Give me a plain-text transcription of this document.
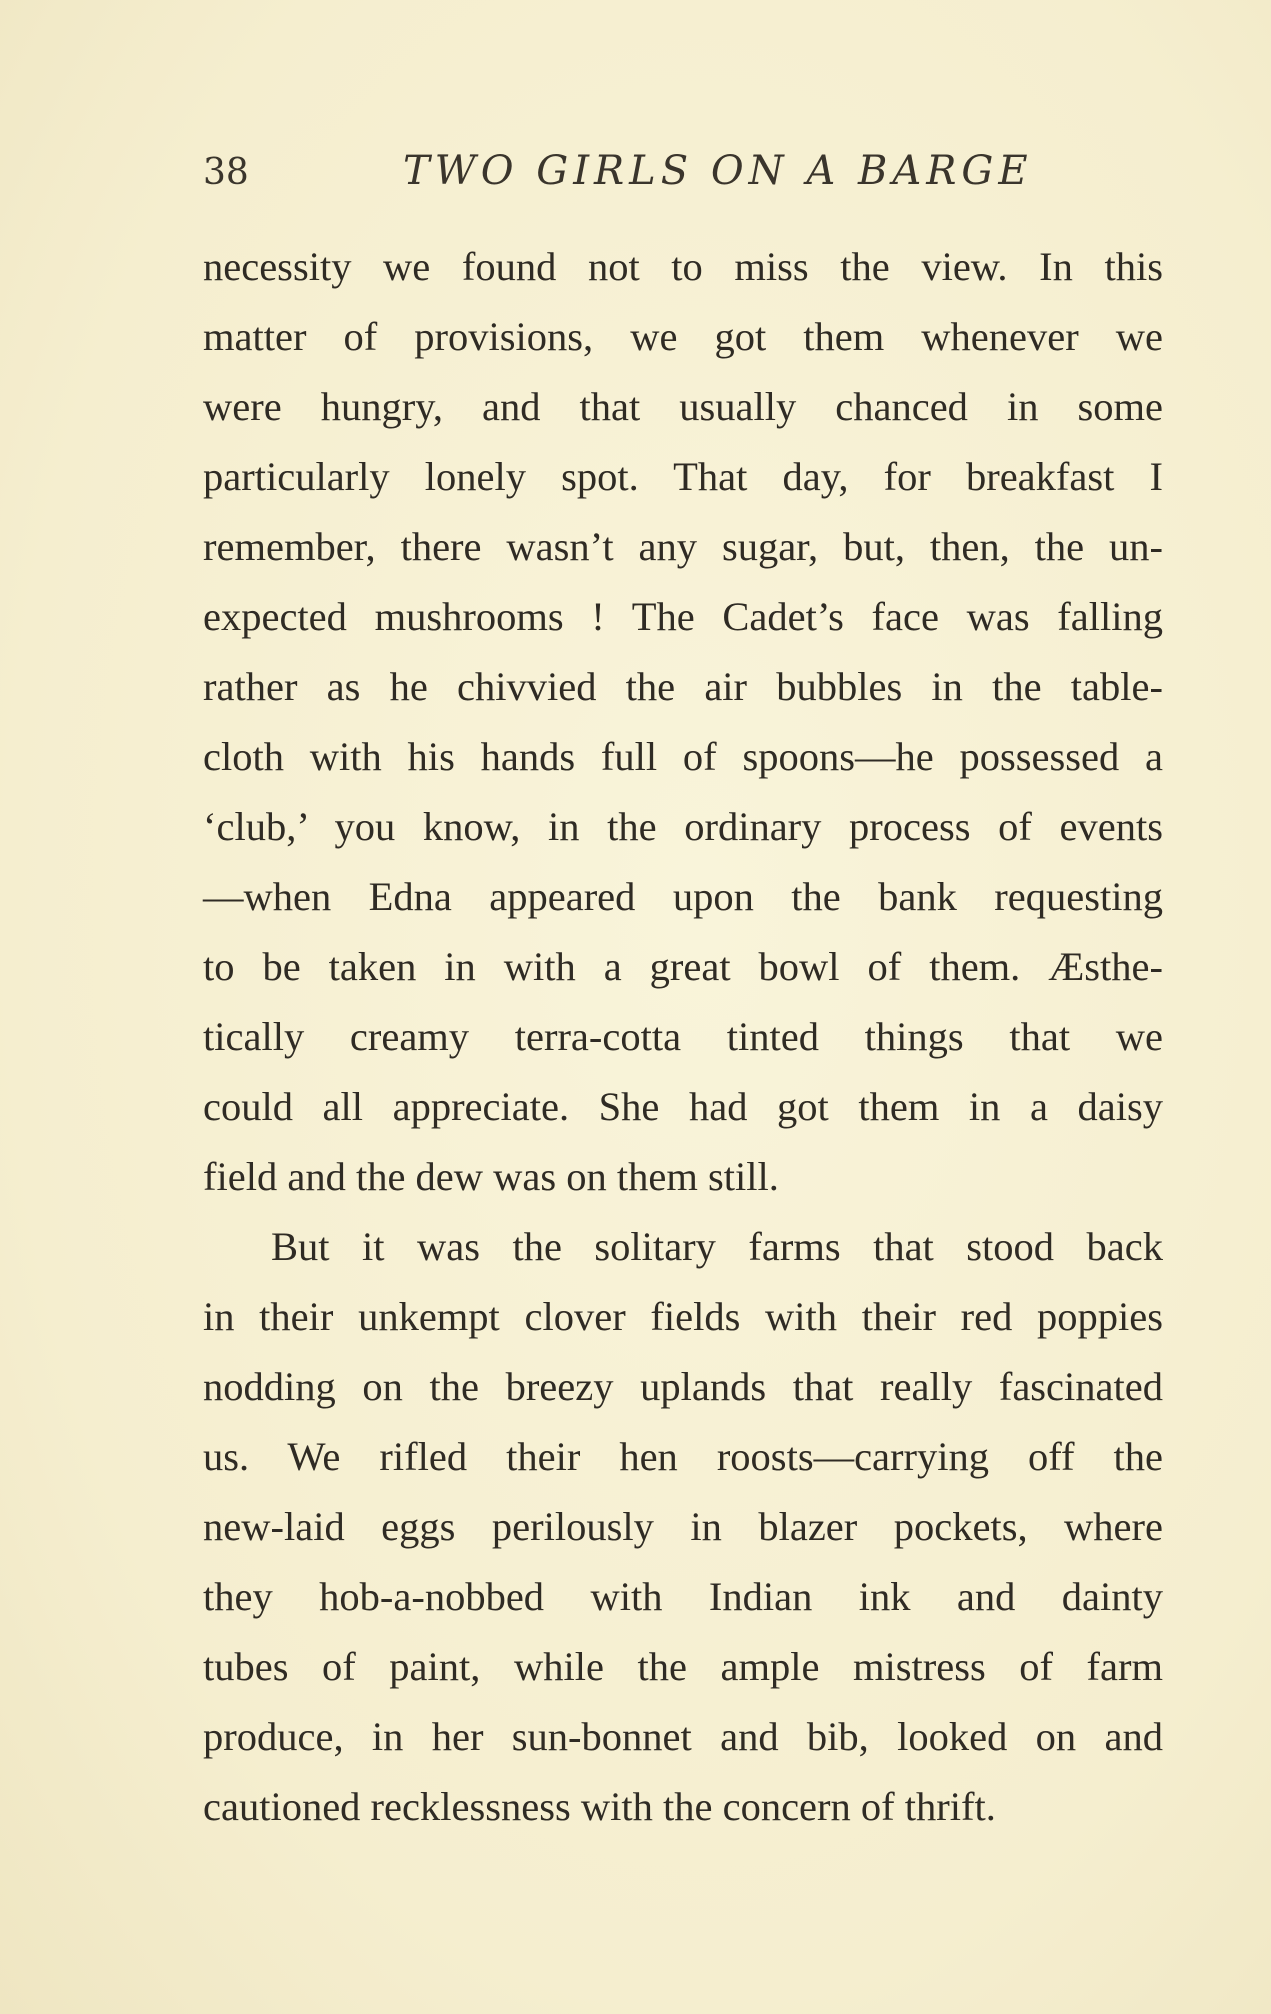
38	TWO GIRLS ON A BARGE
necessity we found not to miss the view. In this
matter of provisions, we got them whenever we
were hungry, and that usually chanced in some
particularly lonely spot. That day, for breakfast I
remember, there wasn’t any sugar, but, then, the un-
expected mushrooms ! The Cadet’s face was falling
rather as he chivvied the air bubbles in the table-
cloth with his hands full of spoons—he possessed a
‘club,’ you know, in the ordinary process of events
—when Edna appeared upon the bank requesting
to be taken in with a great bowl of them. Æsthe-
tically creamy terra-cotta tinted things that we
could all appreciate. She had got them in a daisy
field and the dew was on them still.
But it was the solitary farms that stood back
in their unkempt clover fields with their red poppies
nodding on the breezy uplands that really fascinated
us. We rifled their hen roosts—carrying off the
new-laid eggs perilously in blazer pockets, where
they hob-a-nobbed with Indian ink and dainty
tubes of paint, while the ample mistress of farm
produce, in her sun-bonnet and bib, looked on and
cautioned recklessness with the concern of thrift.
